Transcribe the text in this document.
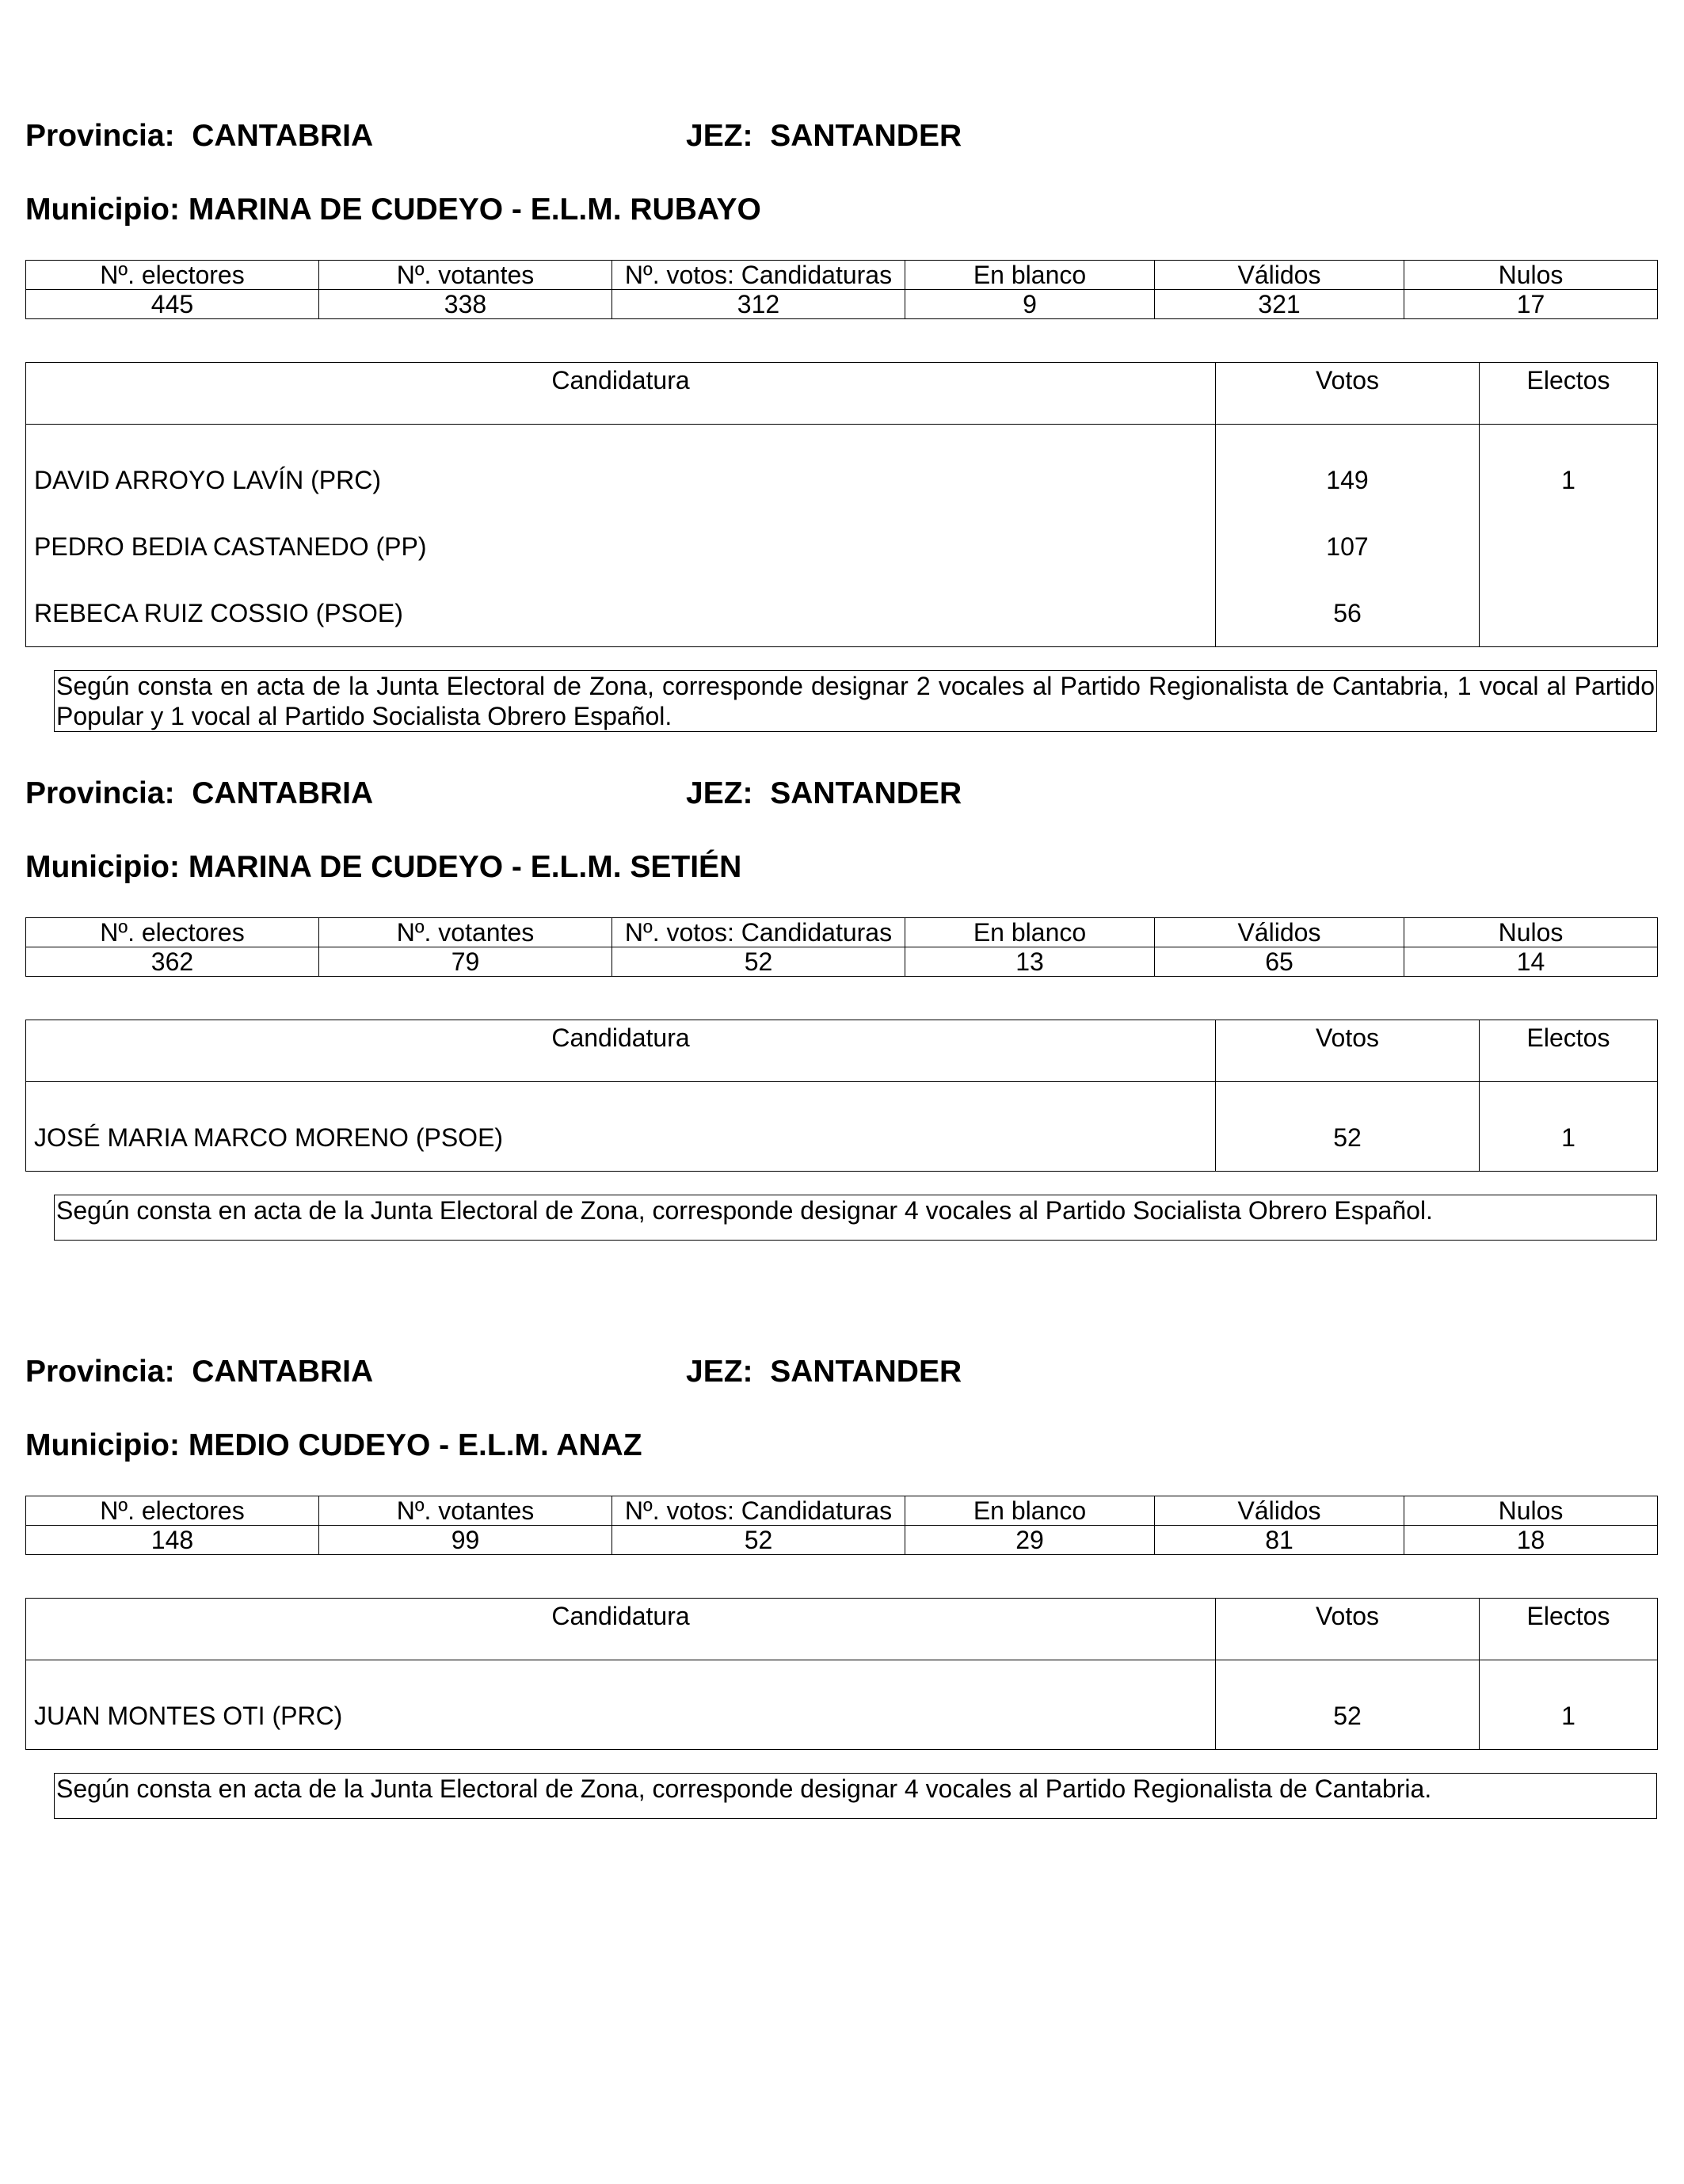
Provincia: CANTABRIA	JEZ: SANTANDER
Municipio: MARINA DE CUDEYO - E.L.M. RUBAYO
Nº. electores	Nº. votantes	Nº. votos: Candidaturas	En blanco	Válidos	Nulos
445	338	312	9	321	17
Candidatura	Votos	Electos
DAVID ARROYO LAVÍN (PRC)	149	1
PEDRO BEDIA CASTANEDO (PP)	107	
REBECA RUIZ COSSIO (PSOE)	56	
Según consta en acta de la Junta Electoral de Zona, corresponde designar 2 vocales al Partido Regionalista de Cantabria, 1 vocal al Partido Popular y 1 vocal al Partido Socialista Obrero Español.
Provincia: CANTABRIA	JEZ: SANTANDER
Municipio: MARINA DE CUDEYO - E.L.M. SETIÉN
Nº. electores	Nº. votantes	Nº. votos: Candidaturas	En blanco	Válidos	Nulos
362	79	52	13	65	14
Candidatura	Votos	Electos
JOSÉ MARIA MARCO MORENO (PSOE)	52	1
Según consta en acta de la Junta Electoral de Zona, corresponde designar 4 vocales al Partido Socialista Obrero Español.
Provincia: CANTABRIA	JEZ: SANTANDER
Municipio: MEDIO CUDEYO - E.L.M. ANAZ
Nº. electores	Nº. votantes	Nº. votos: Candidaturas	En blanco	Válidos	Nulos
148	99	52	29	81	18
Candidatura	Votos	Electos
JUAN MONTES OTI (PRC)	52	1
Según consta en acta de la Junta Electoral de Zona, corresponde designar 4 vocales al Partido Regionalista de Cantabria.
